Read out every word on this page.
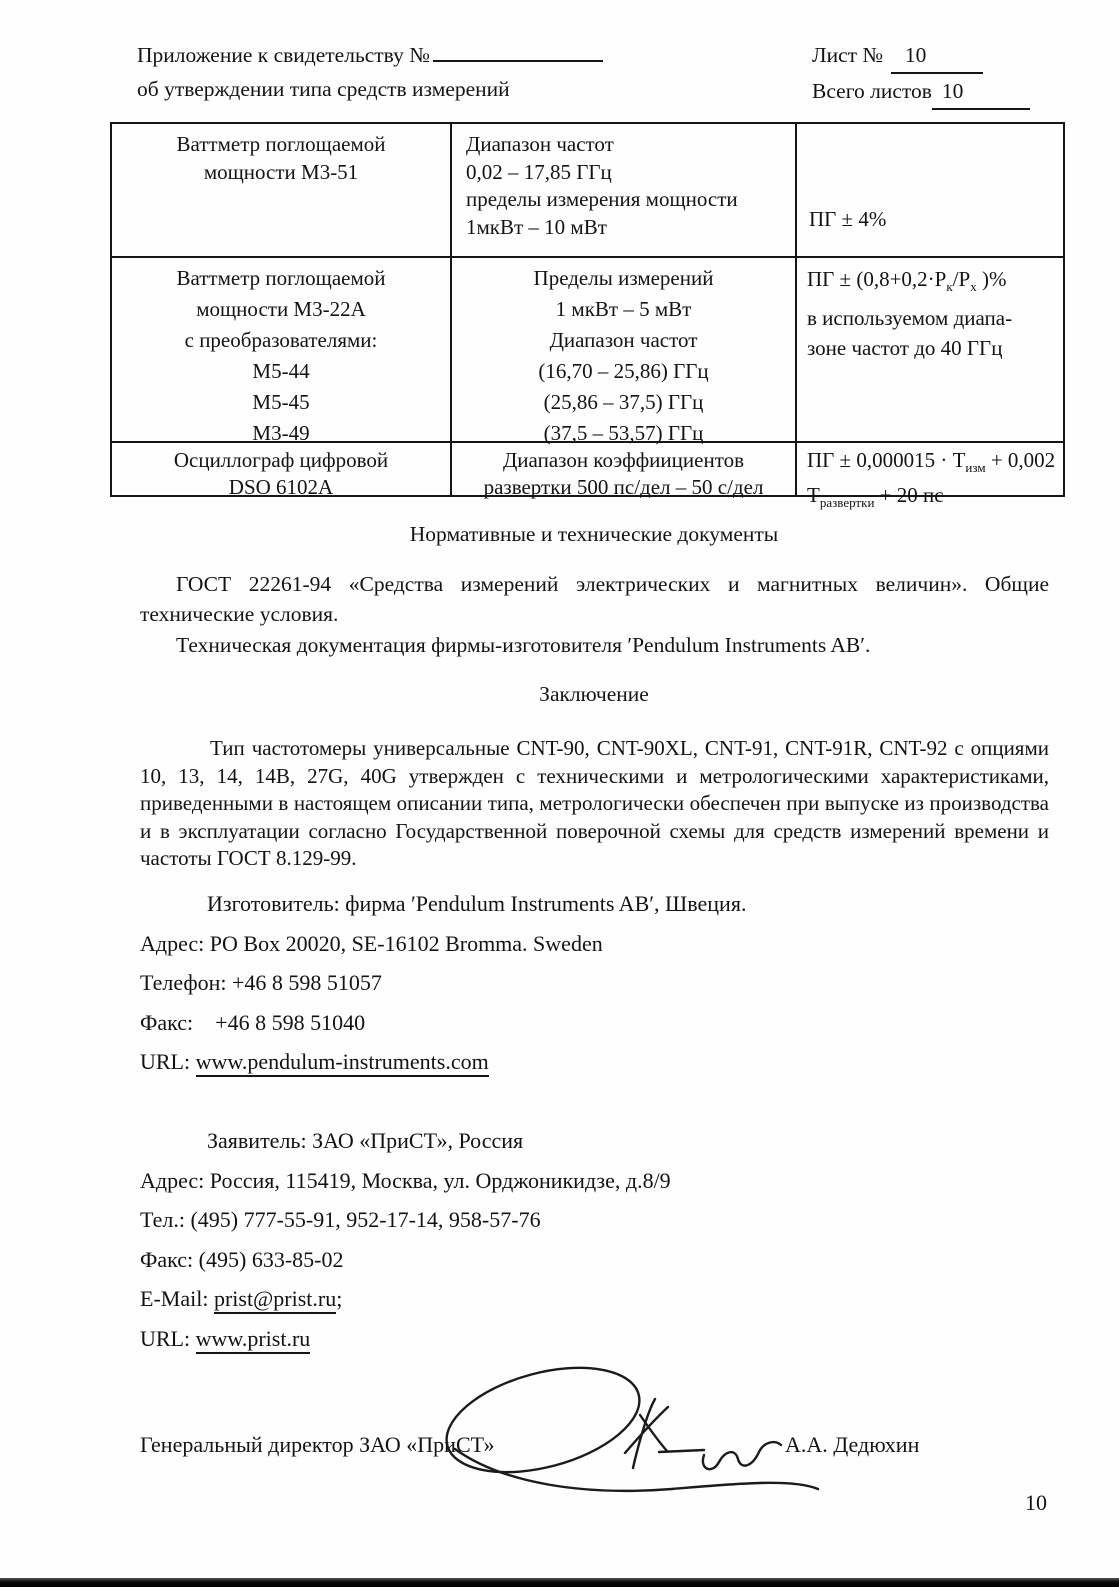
Приложение к свидетельству №
об утверждении типа средств измерений
Лист № 10
Всего листов 10
Ваттметр поглощаемой
мощности М3-51
Диапазон частот
0,02 – 17,85 ГГц
пределы измерения мощности
1мкВт – 10 мВт	ПГ ± 4%
Ваттметр поглощаемой
мощности М3-22А
с преобразователями:
М5-44
М5-45
М3-49
Пределы измерений
1 мкВт – 5 мВт
Диапазон частот
(16,70 – 25,86) ГГц
(25,86 – 37,5) ГГц
(37,5 – 53,57) ГГц
ПГ ± ($0,8+0,2\cdot Р_к/Р_х$ )%
в используемом диапа-
зоне частот до 40 ГГц
Осциллограф цифровой
DSO 6102A
Диапазон коэффиициентов
развертки 500 пс/дел – 50 с/дел
ПГ ± $0,000015 \cdot Т_{изм} + 0,002$ $Т_{развертки} + 20$ пс
Нормативные и технические документы

ГОСТ 22261-94 «Средства измерений электрических и магнитных величин». Общие технические условия.

Техническая документация фирмы-изготовителя ′Pendulum Instruments AB′.

Заключение

Тип частотомеры универсальные CNT-90, CNT-90XL, CNT-91, CNT-91R, CNT-92 с опциями 10, 13, 14, 14B, 27G, 40G утвержден с техническими и метрологическими характеристиками, приведенными в настоящем описании типа, метрологически обеспечен при выпуске из производства и в эксплуатации согласно Государственной поверочной схемы для средств измерений времени и частоты ГОСТ 8.129-99.

Изготовитель: фирма ′Pendulum Instruments AB′, Швеция.
Адрес: PO Box 20020, SE-16102 Bromma. Sweden
Телефон: +46 8 598 51057
Факс:    +46 8 598 51040
URL: www.pendulum-instruments.com
Заявитель: ЗАО «ПриСТ», Россия
Адрес: Россия, 115419, Москва, ул. Орджоникидзе, д.8/9
Тел.: (495) 777-55-91, 952-17-14, 958-57-76
Факс: (495) 633-85-02
E-Mail: prist@prist.ru;
URL: www.prist.ru
Генеральный директор ЗАО «ПриСТ»	А.А. Дедюхин
10
